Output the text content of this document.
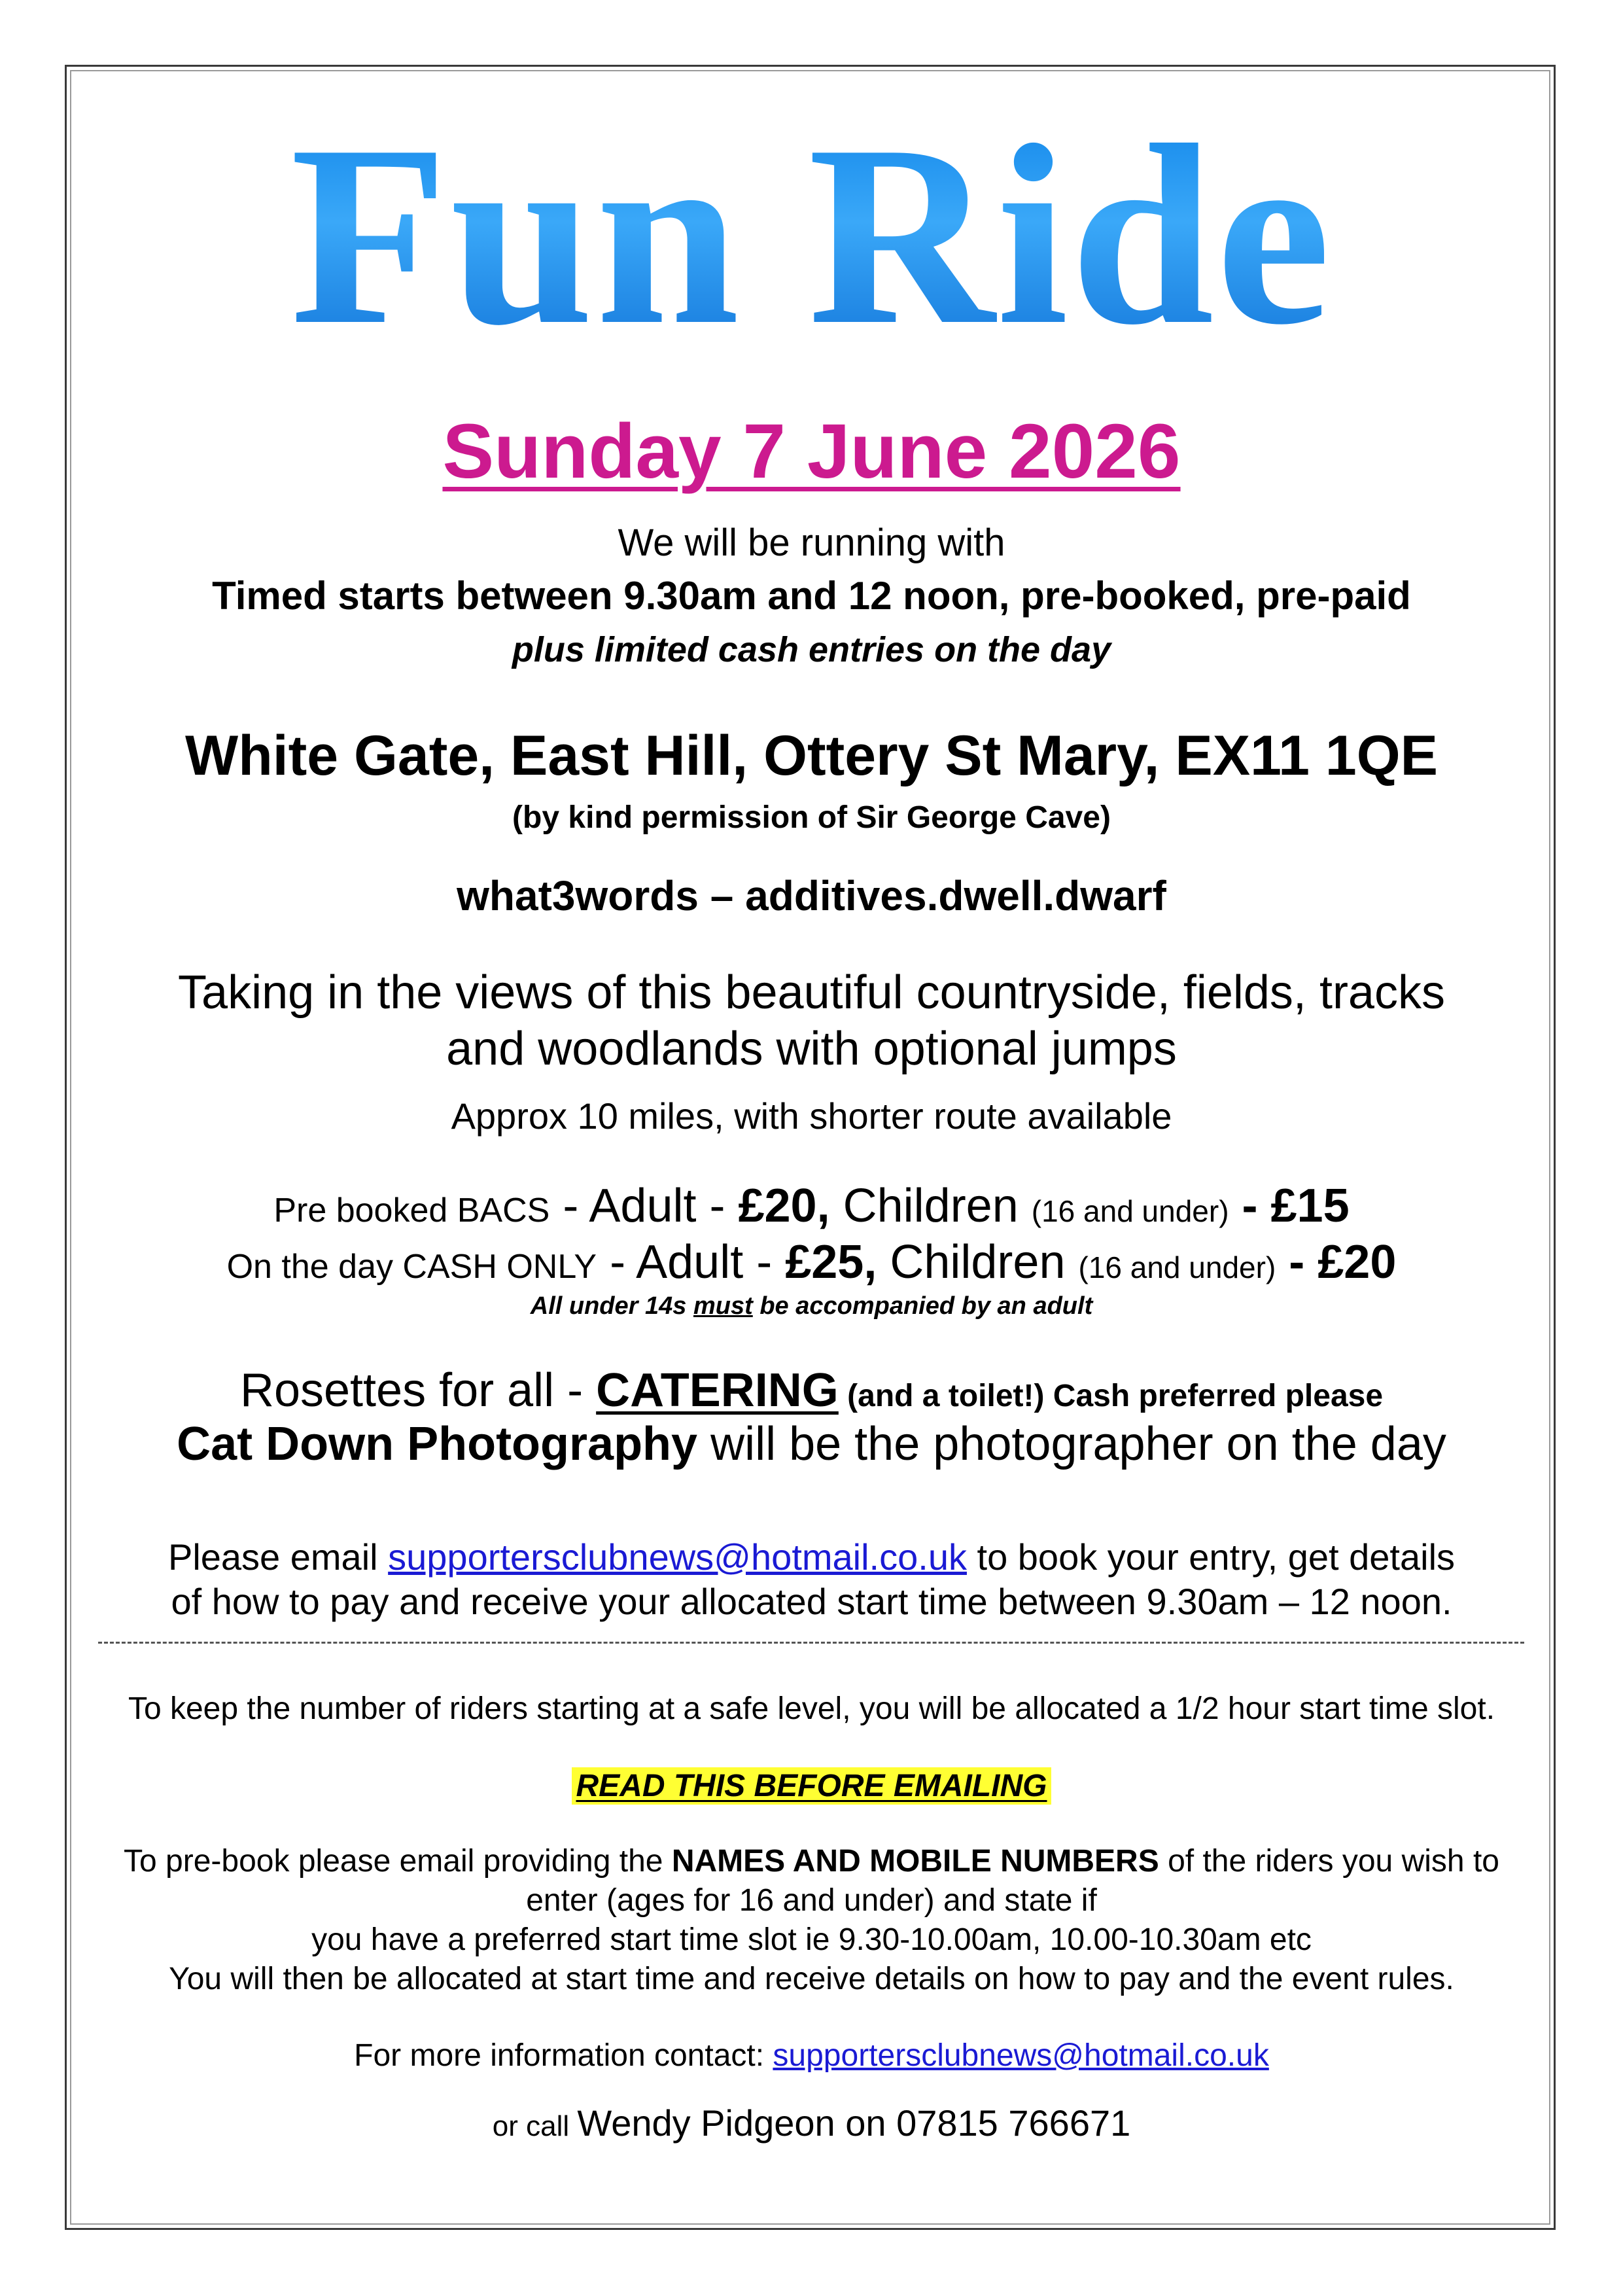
Fun Ride
Sunday 7 June 2026
We will be running with
Timed starts between 9.30am and 12 noon, pre-booked, pre-paid
plus limited cash entries on the day
White Gate, East Hill, Ottery St Mary, EX11 1QE
(by kind permission of Sir George Cave)
what3words – additives.dwell.dwarf
Taking in the views of this beautiful countryside, fields, tracks
and woodlands with optional jumps
Approx 10 miles, with shorter route available
Pre booked BACS - Adult - £20, Children (16 and under) - £15
On the day CASH ONLY - Adult - £25, Children (16 and under) - £20
All under 14s must be accompanied by an adult
Rosettes for all - CATERING (and a toilet!) Cash preferred please
Cat Down Photography will be the photographer on the day
Please email supportersclubnews@hotmail.co.uk to book your entry, get details
of how to pay and receive your allocated start time between 9.30am – 12 noon.
To keep the number of riders starting at a safe level, you will be allocated a 1/2 hour start time slot.
READ THIS BEFORE EMAILING
To pre-book please email providing the NAMES AND MOBILE NUMBERS of the riders you wish to
enter (ages for 16 and under) and state if
you have a preferred start time slot ie 9.30-10.00am, 10.00-10.30am etc
You will then be allocated at start time and receive details on how to pay and the event rules.
For more information contact: supportersclubnews@hotmail.co.uk
or call Wendy Pidgeon on 07815 766671
